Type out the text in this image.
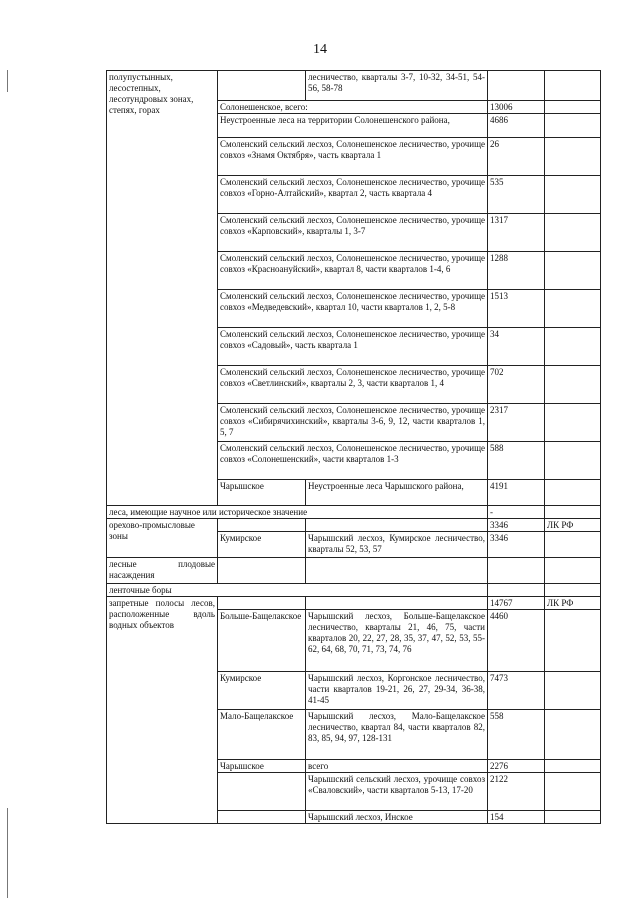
14
полупустынных, лесостепных, лесотундровых зонах, степях, горах		лесничество, кварталы 3-7, 10-32, 34-51, 54-56, 58-78		
	Солонешенское, всего:		13006	
	Неустроенные леса на территории Солонешенского района,		4686	
	Смоленский сельский лесхоз, Солонешенское лесничество, урочище совхоз «Знамя Октября», часть квартала 1		26	
	Смоленский сельский лесхоз, Солонешенское лесничество, урочище совхоз «Горно-Алтайский», квартал 2, часть квартала 4		535	
	Смоленский сельский лесхоз, Солонешенское лесничество, урочище совхоз «Карповский», кварталы 1, 3-7		1317	
	Смоленский сельский лесхоз, Солонешенское лесничество, урочище совхоз «Красноануйский», квартал 8, части кварталов 1-4, 6		1288	
	Смоленский сельский лесхоз, Солонешенское лесничество, урочище совхоз «Медведевский», квартал 10, части кварталов 1, 2, 5-8		1513	
	Смоленский сельский лесхоз, Солонешенское лесничество, урочище совхоз «Садовый», часть квартала 1		34	
	Смоленский сельский лесхоз, Солонешенское лесничество, урочище совхоз «Светлинский», кварталы 2, 3, части кварталов 1, 4		702	
	Смоленский сельский лесхоз, Солонешенское лесничество, урочище совхоз «Сибирячихинский», кварталы 3-6, 9, 12, части кварталов 1, 5, 7		2317	
	Смоленский сельский лесхоз, Солонешенское лесничество, урочище совхоз «Солонешенский», части кварталов 1-3		588	
	Чарышское	Неустроенные леса Чарышского района,	4191	
леса, имеющие научное или историческое значение			-	
орехово-промысловые зоны			3346	ЛК РФ
	Кумирское	Чарышский лесхоз, Кумирское лесничество, кварталы 52, 53, 57	3346	
лесные плодовые насаждения				
ленточные боры				
запретные полосы лесов, расположенные вдоль водных объектов			14767	ЛК РФ
	Больше-Бащелакское	Чарышский лесхоз, Больше-Бащелакское лесничество, кварталы 21, 46, 75, части кварталов 20, 22, 27, 28, 35, 37, 47, 52, 53, 55-62, 64, 68, 70, 71, 73, 74, 76	4460	
	Кумирское	Чарышский лесхоз, Коргонское лесничество, части кварталов 19-21, 26, 27, 29-34, 36-38, 41-45	7473	
	Мало-Бащелакское	Чарышский лесхоз, Мало-Бащелакское лесничество, квартал 84, части кварталов 82, 83, 85, 94, 97, 128-131	558	
	Чарышское	всего	2276	
		Чарышский сельский лесхоз, урочище совхоз «Сваловский», части кварталов 5-13, 17-20	2122	
		Чарышский лесхоз, Инское	154	
